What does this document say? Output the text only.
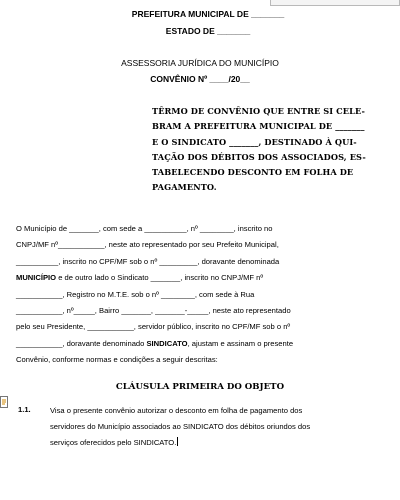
PREFEITURA MUNICIPAL DE _______
ESTADO DE _______
ASSESSORIA JURÍDICA DO MUNICÍPIO
CONVÊNIO Nº ____/20__
TÊRMO DE CONVÊNIO QUE ENTRE SI CELE-
BRAM A PREFEITURA MUNICIPAL DE _______
E O SINDICATO _______, DESTINADO À QUI-
TAÇÃO DOS DÉBITOS DOS ASSOCIADOS, ES-
TABELECENDO DESCONTO EM FOLHA DE
PAGAMENTO.
O Município de _______, com sede a __________, nº ________, inscrito no
CNPJ/MF nº___________, neste ato representado por seu Prefeito Municipal,
__________, inscrito no CPF/MF sob o nº _________, doravante denominada
MUNICÍPIO e de outro lado o Sindicato _______, inscrito no CNPJ/MF nº
___________, Registro no M.T.E. sob o nº ________, com sede à Rua
___________, nº_____, Bairro _______, _______-_____, neste ato representado
pelo seu Presidente, ___________, servidor público, inscrito no CPF/MF sob o nº
___________, doravante denominado SINDICATO, ajustam e assinam o presente
Convênio, conforme normas e condições a seguir descritas:
CLÁUSULA PRIMEIRA DO OBJETO
1.1.	Visa o presente convênio autorizar o desconto em folha de pagamento dos
servidores do Município associados ao SINDICATO dos débitos oriundos dos
serviços oferecidos pelo SINDICATO.
